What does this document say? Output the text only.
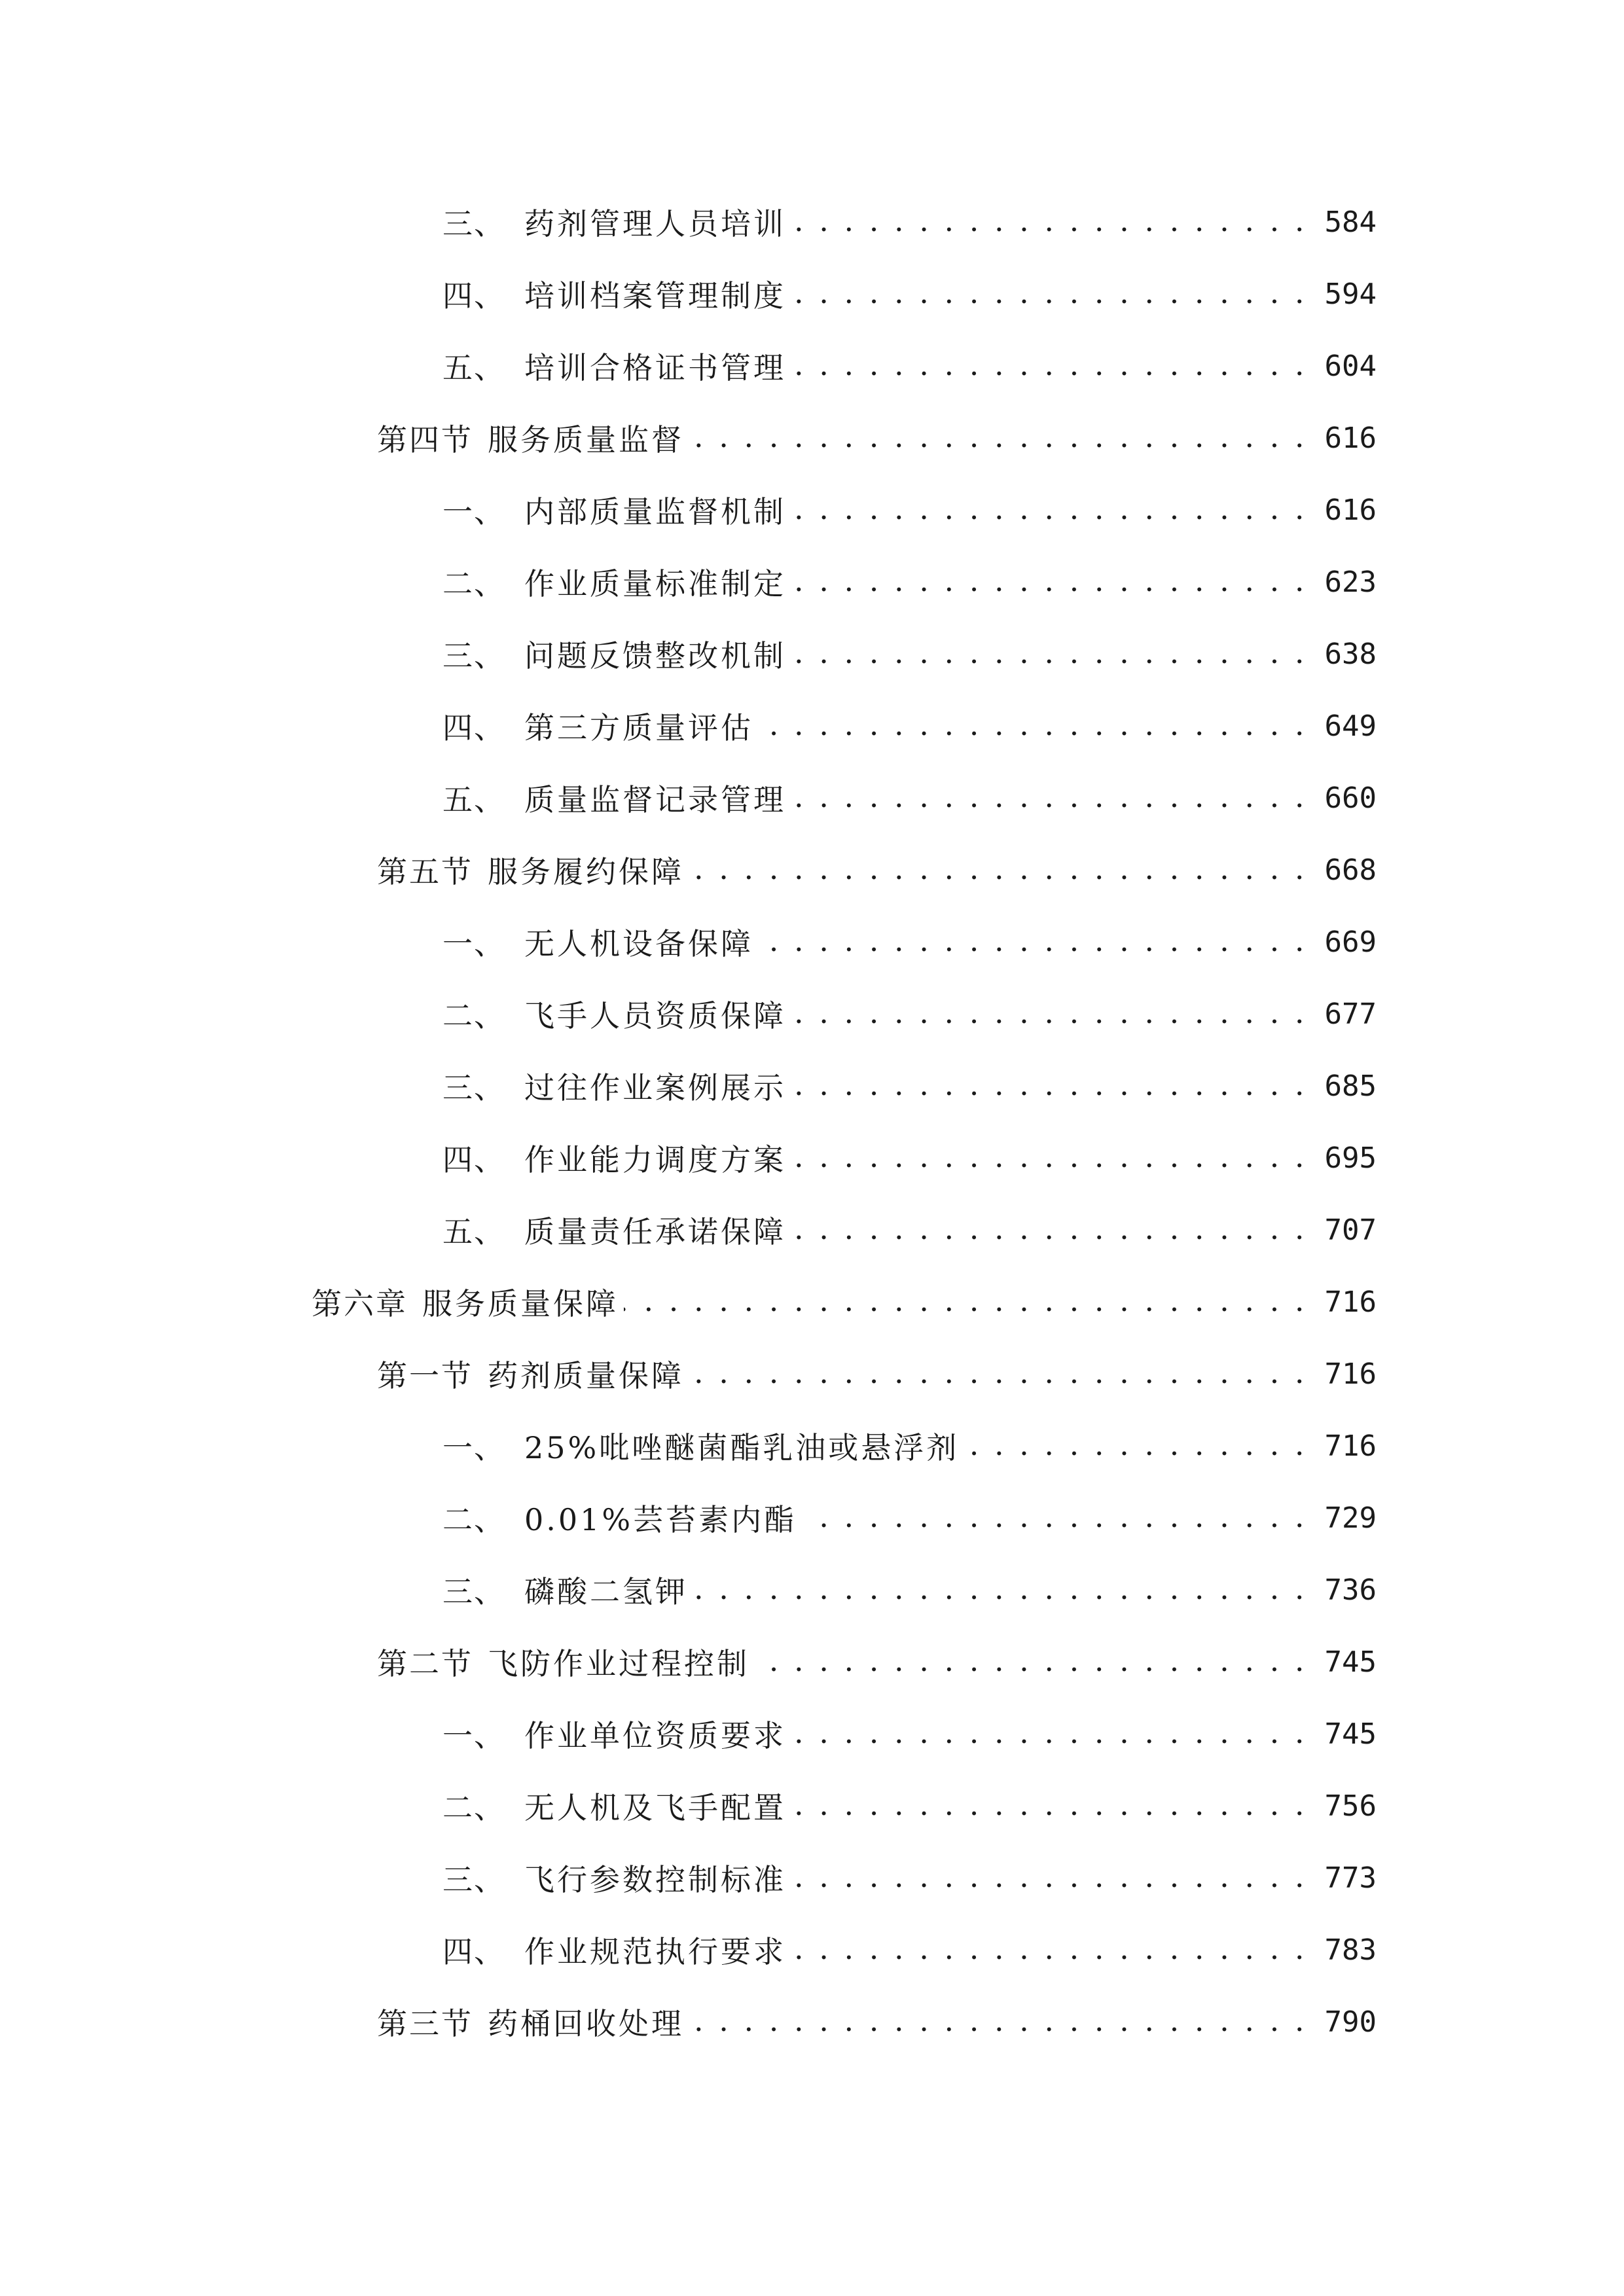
三、 药剂管理人员培训 . . .	584
四、 培训档案管理制度 . . .	594
五、 培训合格证书管理 . . .	604
第四节 服务质量监督 . . .	616
一、 内部质量监督机制 . . .	616
二、 作业质量标准制定 . . .	623
三、 问题反馈整改机制 . . .	638
四、 第三方质量评估 . . .	649
五、 质量监督记录管理 . . .	660
第五节 服务履约保障 . . .	668
一、 无人机设备保障 . . .	669
二、 飞手人员资质保障 . . .	677
三、 过往作业案例展示 . . .	685
四、 作业能力调度方案 . . .	695
五、 质量责任承诺保障 . . .	707
第六章 服务质量保障 . . .	716
第一节 药剂质量保障 . . .	716
一、 25%吡唑醚菌酯乳油或悬浮剂 . . .	716
二、 0.01%芸苔素内酯 . . .	729
三、 磷酸二氢钾 . . .	736
第二节 飞防作业过程控制 . . .	745
一、 作业单位资质要求 . . .	745
二、 无人机及飞手配置 . . .	756
三、 飞行参数控制标准 . . .	773
四、 作业规范执行要求 . . .	783
第三节 药桶回收处理 . . .	790
